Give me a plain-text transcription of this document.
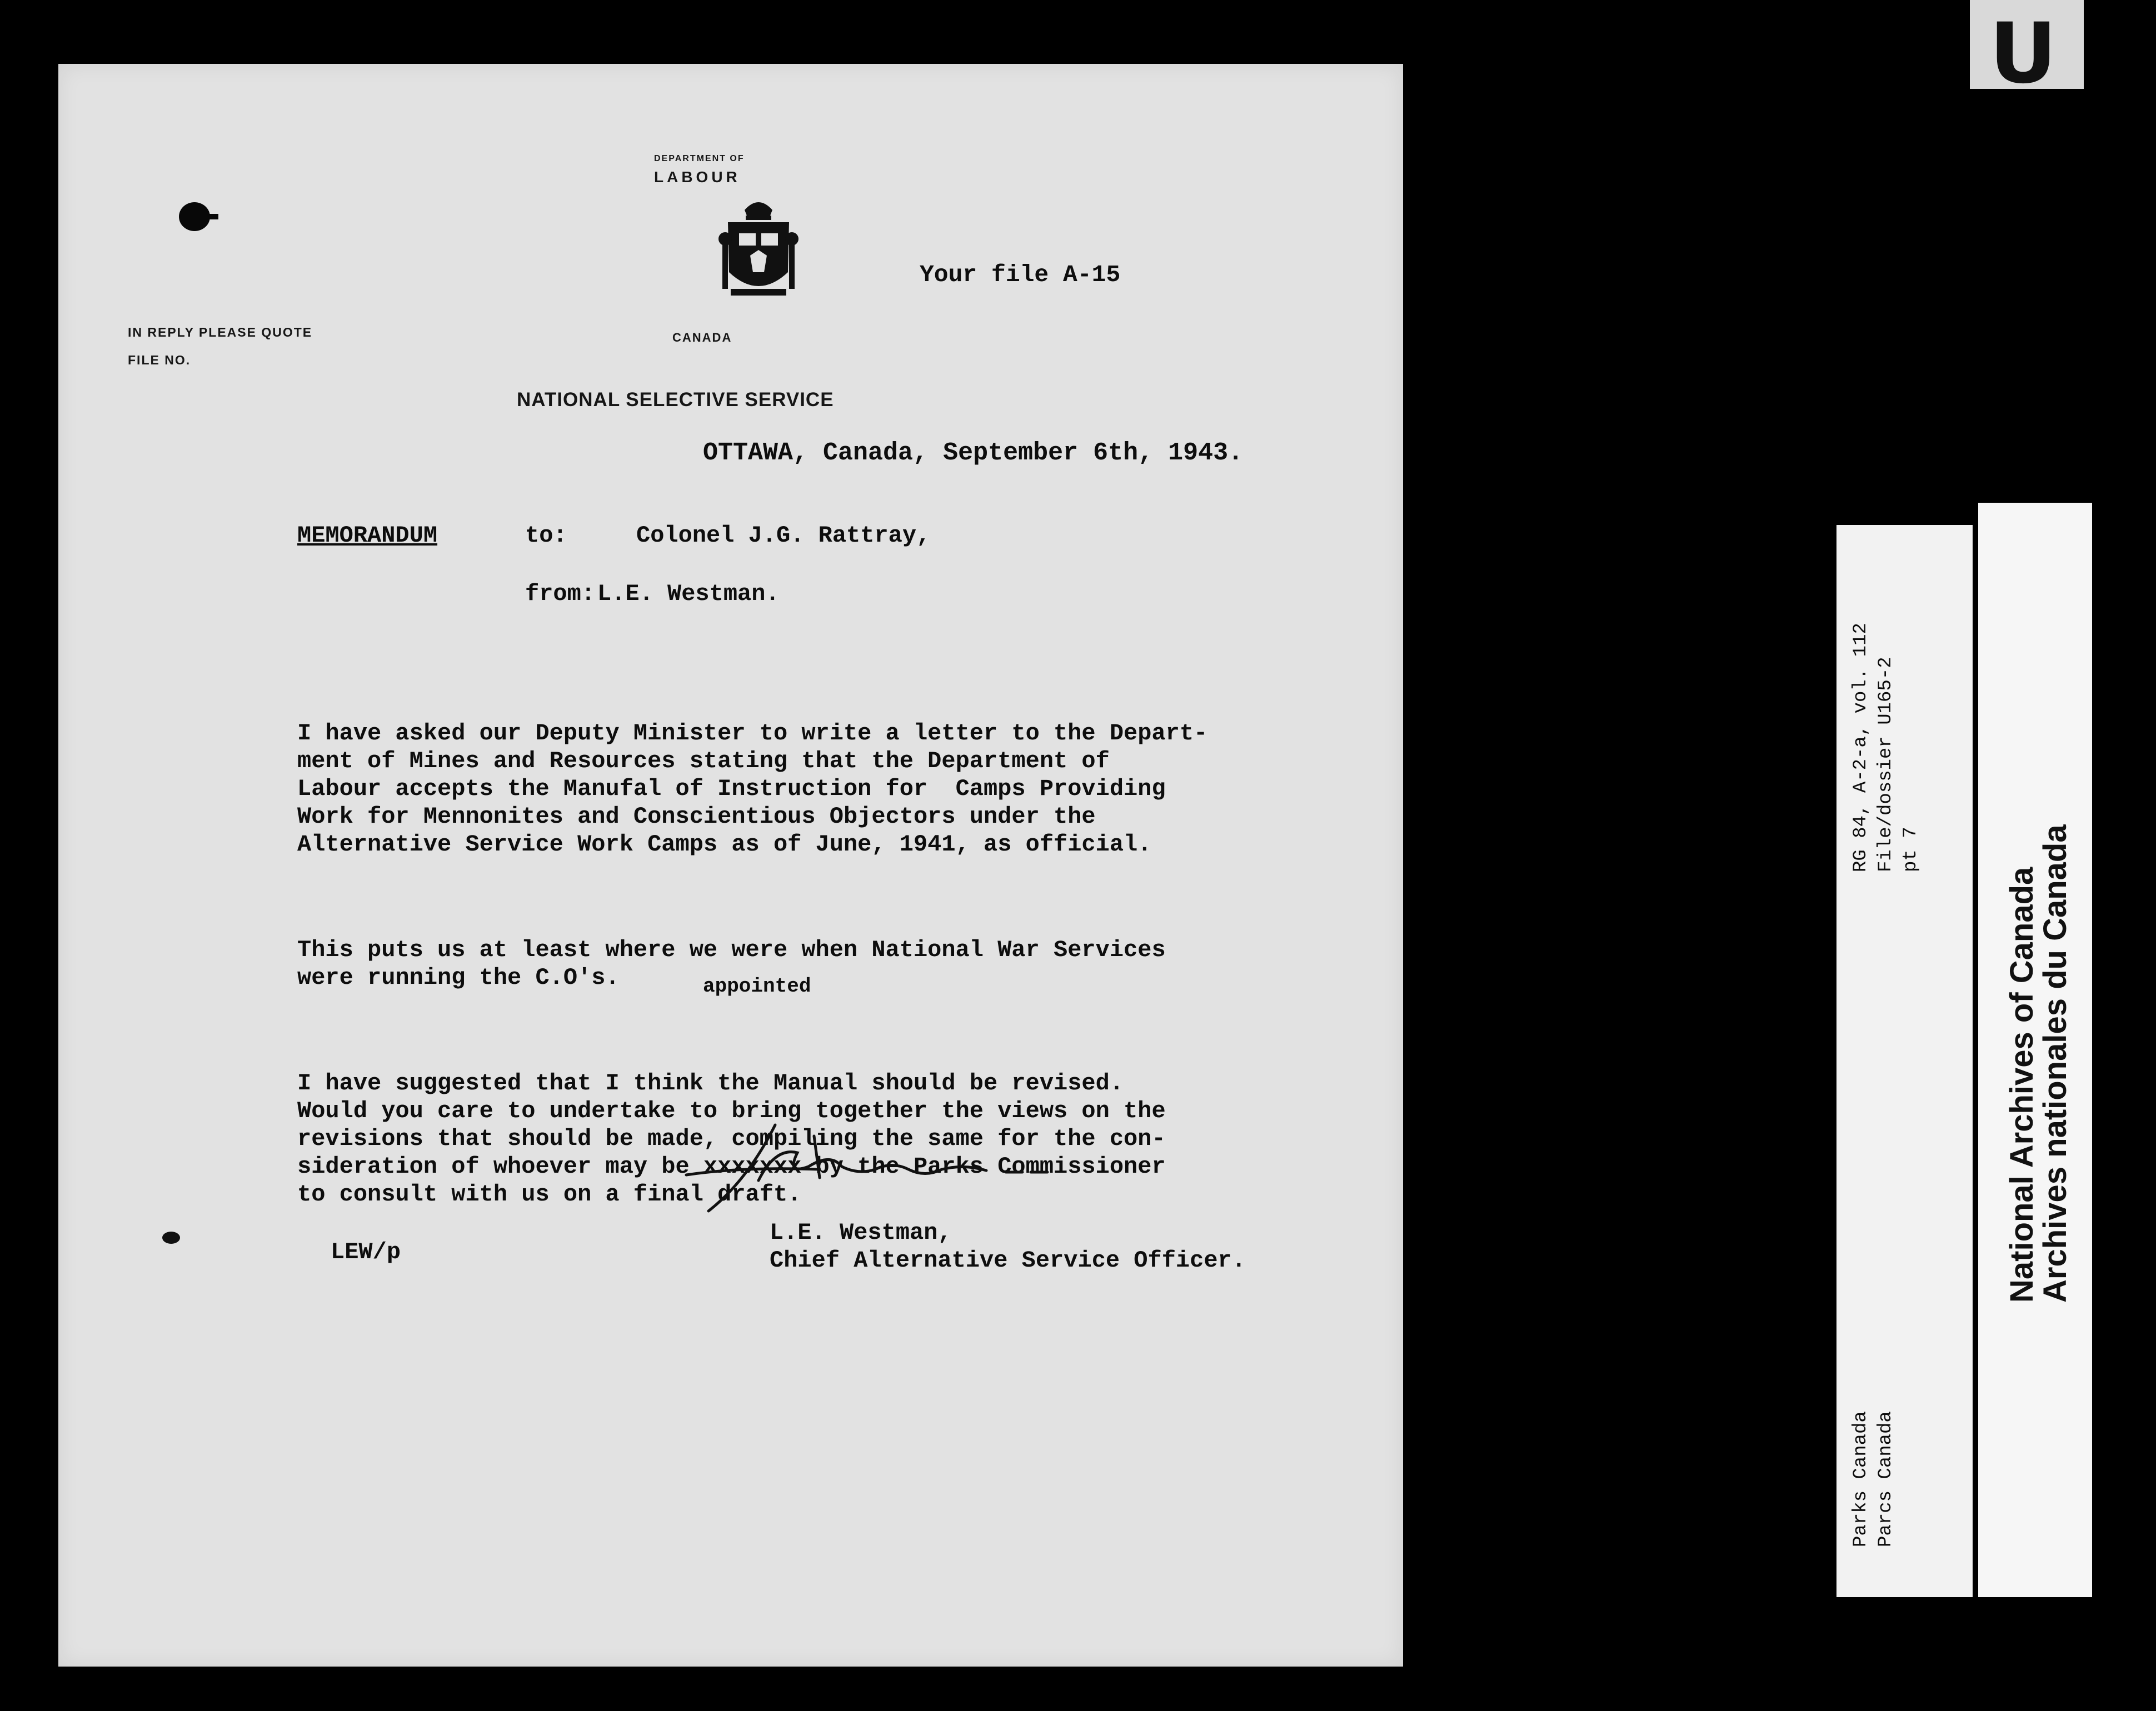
DEPARTMENT OF
LABOUR
CANADA
IN REPLY PLEASE QUOTE
FILE NO.
NATIONAL SELECTIVE SERVICE
Your file A-15
OTTAWA, Canada, September 6th, 1943.
MEMORANDUM	to:	Colonel J.G. Rattray,
from: L.E. Westman.

I have asked our Deputy Minister to write a letter to the Depart-
ment of Mines and Resources stating that the Department of
Labour accepts the Manufal of Instruction for  Camps Providing
Work for Mennonites and Conscientious Objectors under the
Alternative Service Work Camps as of June, 1941, as official.

This puts us at least where we were when National War Services
were running the C.O's.

I have suggested that I think the Manual should be revised.
Would you care to undertake to bring together the views on the
revisions that should be made, compiling the same for the con-
sideration of whoever may be xxxxxxx by the Parks Commissioner
to consult with us on a final draft.

appointed
L.E. Westman,
Chief Alternative Service Officer.
LEW/p
RG 84, A-2-a, vol. 112 File/dossier U165-2 pt 7
Parks Canada Parcs Canada
National Archives of Canada
Archives nationales du Canada
U
